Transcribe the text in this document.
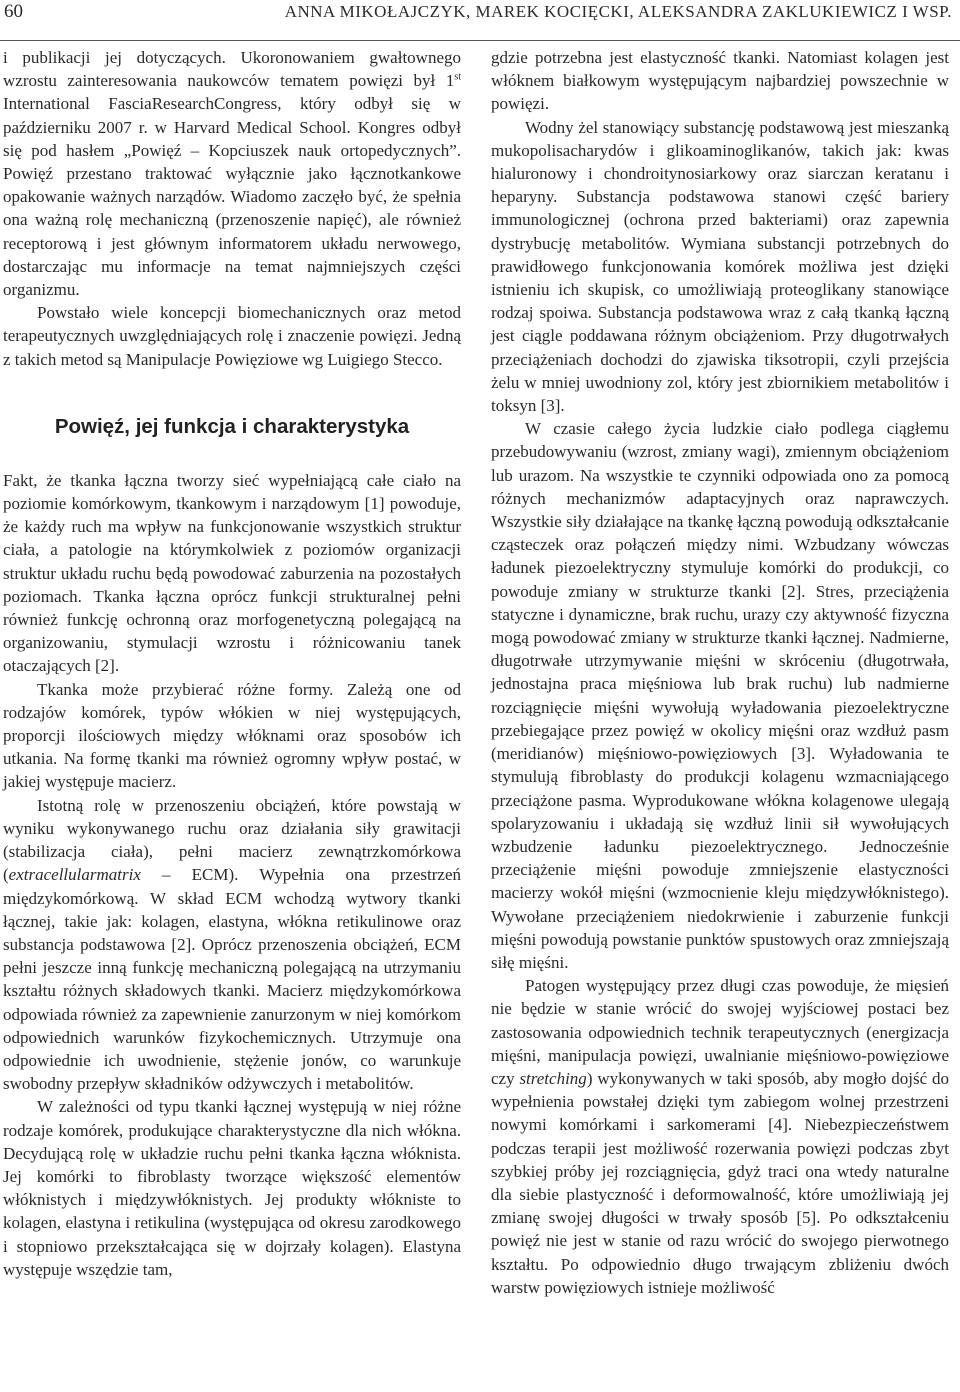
60	ANNA MIKOŁAJCZYK, MAREK KOCIĘCKI, ALEKSANDRA ZAKLUKIEWICZ I WSP.

i publikacji jej dotyczących. Ukoronowaniem gwałtownego wzrostu zainteresowania naukowców tematem powięzi był 1st International FasciaResearchCongress, który odbył się w październiku 2007 r. w Harvard Medical School. Kongres odbył się pod hasłem „Powięź – Kopciuszek nauk ortopedycznych”. Powięź przestano traktować wyłącznie jako łącznotkankowe opakowanie ważnych narządów. Wiadomo zaczęło być, że spełnia ona ważną rolę mechaniczną (przenoszenie napięć), ale również receptorową i jest głównym informatorem układu nerwowego, dostarczając mu informacje na temat najmniejszych części organizmu.

Powstało wiele koncepcji biomechanicznych oraz metod terapeutycznych uwzględniających rolę i znaczenie powięzi. Jedną z takich metod są Manipulacje Powięziowe wg Luigiego Stecco.

Powięź, jej funkcja i charakterystyka

Fakt, że tkanka łączna tworzy sieć wypełniającą całe ciało na poziomie komórkowym, tkankowym i narządowym [1] powoduje, że każdy ruch ma wpływ na funkcjonowanie wszystkich struktur ciała, a patologie na którymkolwiek z poziomów organizacji struktur układu ruchu będą powodować zaburzenia na pozostałych poziomach. Tkanka łączna oprócz funkcji strukturalnej pełni również funkcję ochronną oraz morfogenetyczną polegającą na organizowaniu, stymulacji wzrostu i różnicowaniu tanek otaczających [2].

Tkanka może przybierać różne formy. Zależą one od rodzajów komórek, typów włókien w niej występujących, proporcji ilościowych między włóknami oraz sposobów ich utkania. Na formę tkanki ma również ogromny wpływ postać, w jakiej występuje macierz.

Istotną rolę w przenoszeniu obciążeń, które powstają w wyniku wykonywanego ruchu oraz działania siły grawitacji (stabilizacja ciała), pełni macierz zewnątrzkomórkowa (extracellularmatrix – ECM). Wypełnia ona przestrzeń międzykomórkową. W skład ECM wchodzą wytwory tkanki łącznej, takie jak: kolagen, elastyna, włókna retikulinowe oraz substancja podstawowa [2]. Oprócz przenoszenia obciążeń, ECM pełni jeszcze inną funkcję mechaniczną polegającą na utrzymaniu kształtu różnych składowych tkanki. Macierz międzykomórkowa odpowiada również za zapewnienie zanurzonym w niej komórkom odpowiednich warunków fizykochemicznych. Utrzymuje ona odpowiednie ich uwodnienie, stężenie jonów, co warunkuje swobodny przepływ składników odżywczych i metabolitów.

W zależności od typu tkanki łącznej występują w niej różne rodzaje komórek, produkujące charakterystyczne dla nich włókna. Decydującą rolę w układzie ruchu pełni tkanka łączna włóknista. Jej komórki to fibroblasty tworzące większość elementów włóknistych i międzywłóknistych. Jej produkty włókniste to kolagen, elastyna i retikulina (występująca od okresu zarodkowego i stopniowo przekształcająca się w dojrzały kolagen). Elastyna występuje wszędzie tam,

gdzie potrzebna jest elastyczność tkanki. Natomiast kolagen jest włóknem białkowym występującym najbardziej powszechnie w powięzi.

Wodny żel stanowiący substancję podstawową jest mieszanką mukopolisacharydów i glikoaminoglikanów, takich jak: kwas hialuronowy i chondroitynosiarkowy oraz siarczan keratanu i heparyny. Substancja podstawowa stanowi część bariery immunologicznej (ochrona przed bakteriami) oraz zapewnia dystrybucję metabolitów. Wymiana substancji potrzebnych do prawidłowego funkcjonowania komórek możliwa jest dzięki istnieniu ich skupisk, co umożliwiają proteoglikany stanowiące rodzaj spoiwa. Substancja podstawowa wraz z całą tkanką łączną jest ciągle poddawana różnym obciążeniom. Przy długotrwałych przeciążeniach dochodzi do zjawiska tiksotropii, czyli przejścia żelu w mniej uwodniony zol, który jest zbiornikiem metabolitów i toksyn [3].

W czasie całego życia ludzkie ciało podlega ciągłemu przebudowywaniu (wzrost, zmiany wagi), zmiennym obciążeniom lub urazom. Na wszystkie te czynniki odpowiada ono za pomocą różnych mechanizmów adaptacyjnych oraz naprawczych. Wszystkie siły działające na tkankę łączną powodują odkształcanie cząsteczek oraz połączeń między nimi. Wzbudzany wówczas ładunek piezoelektryczny stymuluje komórki do produkcji, co powoduje zmiany w strukturze tkanki [2]. Stres, przeciążenia statyczne i dynamiczne, brak ruchu, urazy czy aktywność fizyczna mogą powodować zmiany w strukturze tkanki łącznej. Nadmierne, długotrwałe utrzymywanie mięśni w skróceniu (długotrwała, jednostajna praca mięśniowa lub brak ruchu) lub nadmierne rozciągnięcie mięśni wywołują wyładowania piezoelektryczne przebiegające przez powięź w okolicy mięśni oraz wzdłuż pasm (meridianów) mięśniowo-powięziowych [3]. Wyładowania te stymulują fibroblasty do produkcji kolagenu wzmacniającego przeciążone pasma. Wyprodukowane włókna kolagenowe ulegają spolaryzowaniu i układają się wzdłuż linii sił wywołujących wzbudzenie ładunku piezoelektrycznego. Jednocześnie przeciążenie mięśni powoduje zmniejszenie elastyczności macierzy wokół mięśni (wzmocnienie kleju międzywłóknistego). Wywołane przeciążeniem niedokrwienie i zaburzenie funkcji mięśni powodują powstanie punktów spustowych oraz zmniejszają siłę mięśni.

Patogen występujący przez długi czas powoduje, że mięsień nie będzie w stanie wrócić do swojej wyjściowej postaci bez zastosowania odpowiednich technik terapeutycznych (energizacja mięśni, manipulacja powięzi, uwalnianie mięśniowo-powięziowe czy stretching) wykonywanych w taki sposób, aby mogło dojść do wypełnienia powstałej dzięki tym zabiegom wolnej przestrzeni nowymi komórkami i sarkomerami [4]. Niebezpieczeństwem podczas terapii jest możliwość rozerwania powięzi podczas zbyt szybkiej próby jej rozciągnięcia, gdyż traci ona wtedy naturalne dla siebie plastyczność i deformowalność, które umożliwiają jej zmianę swojej długości w trwały sposób [5]. Po odkształceniu powięź nie jest w stanie od razu wrócić do swojego pierwotnego kształtu. Po odpowiednio długo trwającym zbliżeniu dwóch warstw powięziowych istnieje możliwość
